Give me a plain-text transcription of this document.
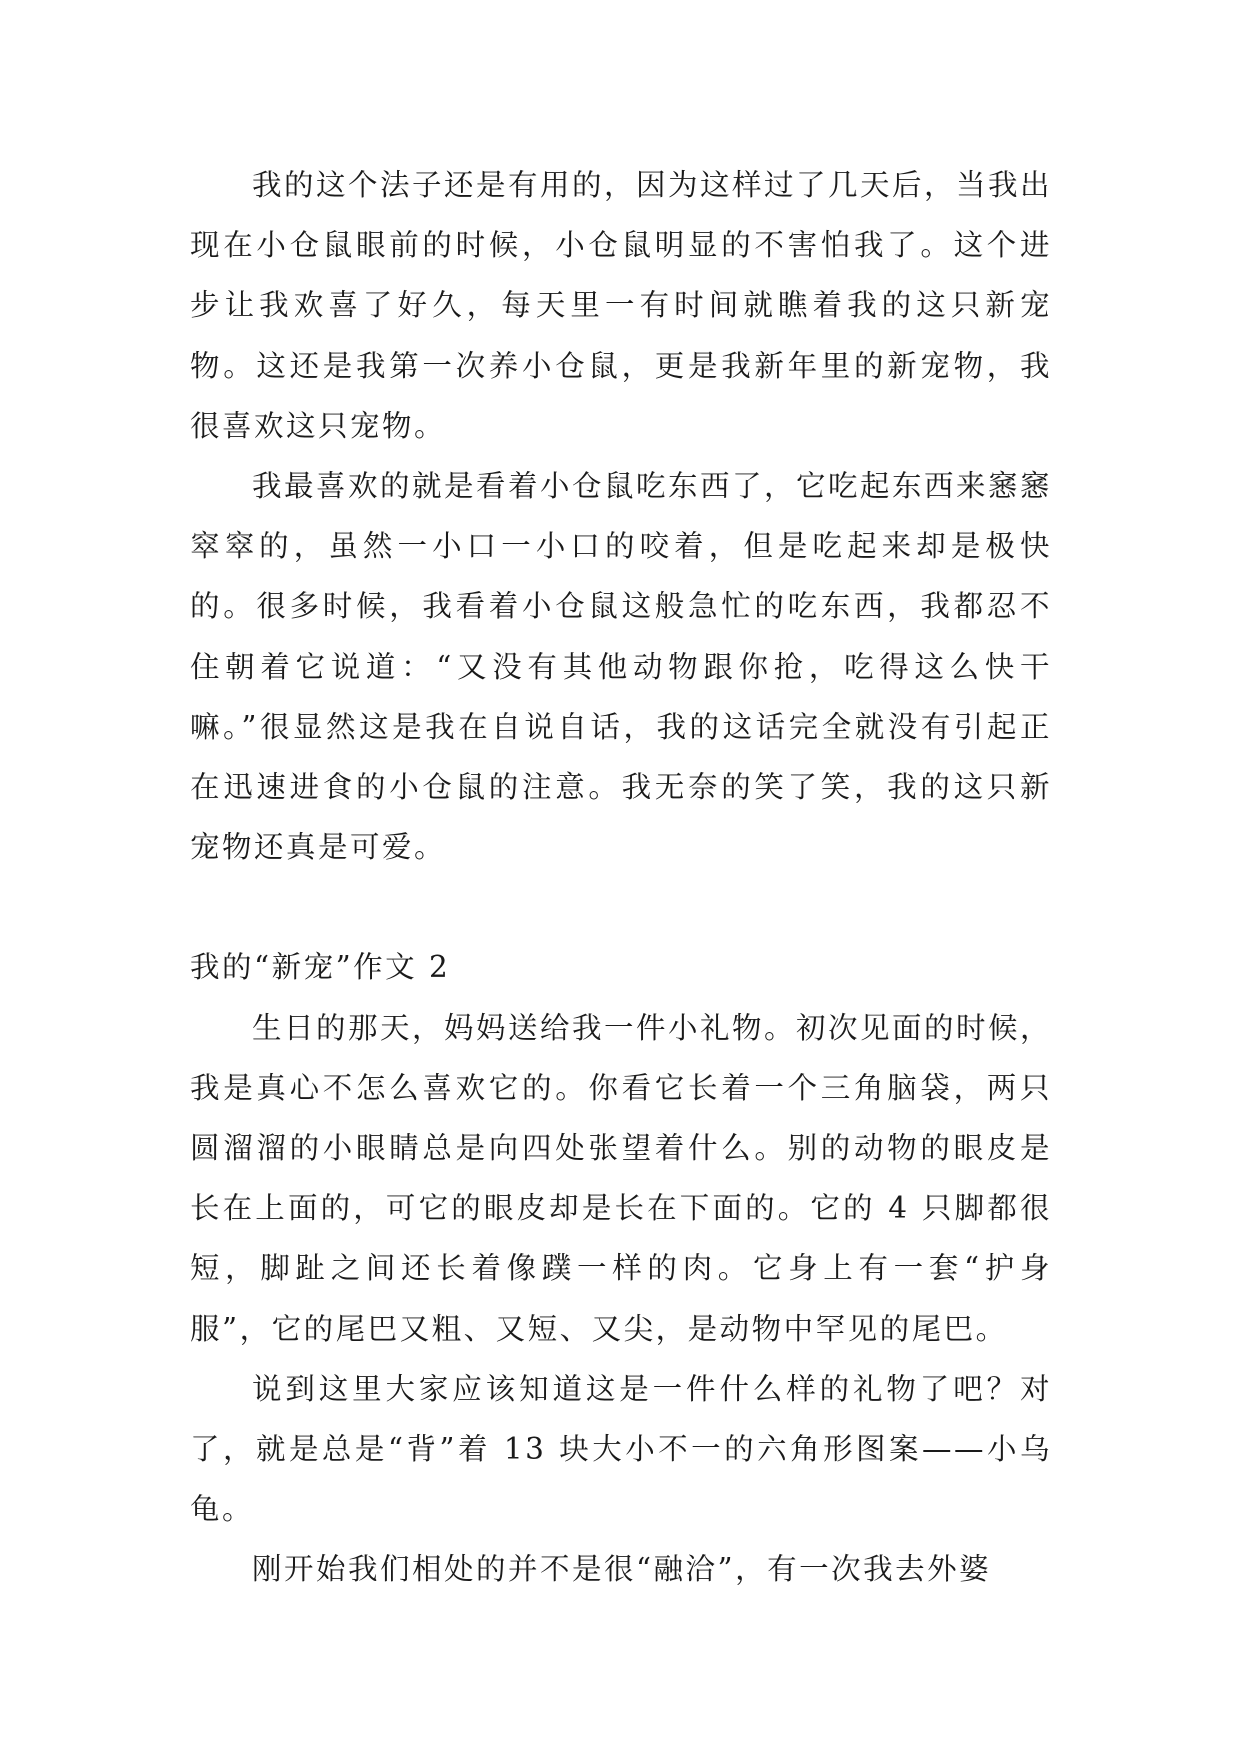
我的这个法子还是有用的，因为这样过了几天后，当我出现在小仓鼠眼前的时候，小仓鼠明显的不害怕我了。这个进步让我欢喜了好久，每天里一有时间就瞧着我的这只新宠物。这还是我第一次养小仓鼠，更是我新年里的新宠物，我很喜欢这只宠物。

我最喜欢的就是看着小仓鼠吃东西了，它吃起东西来窸窸窣窣的，虽然一小口一小口的咬着，但是吃起来却是极快的。很多时候，我看着小仓鼠这般急忙的吃东西，我都忍不住朝着它说道：“又没有其他动物跟你抢，吃得这么快干嘛。”很显然这是我在自说自话，我的这话完全就没有引起正在迅速进食的小仓鼠的注意。我无奈的笑了笑，我的这只新宠物还真是可爱。

我的“新宠”作文 2

生日的那天，妈妈送给我一件小礼物。初次见面的时候，我是真心不怎么喜欢它的。你看它长着一个三角脑袋，两只圆溜溜的小眼睛总是向四处张望着什么。别的动物的眼皮是长在上面的，可它的眼皮却是长在下面的。它的 4 只脚都很短，脚趾之间还长着像蹼一样的肉。它身上有一套“护身服”，它的尾巴又粗、又短、又尖，是动物中罕见的尾巴。

说到这里大家应该知道这是一件什么样的礼物了吧？对了，就是总是“背”着 13 块大小不一的六角形图案——小乌龟。

刚开始我们相处的并不是很“融洽”，有一次我去外婆
